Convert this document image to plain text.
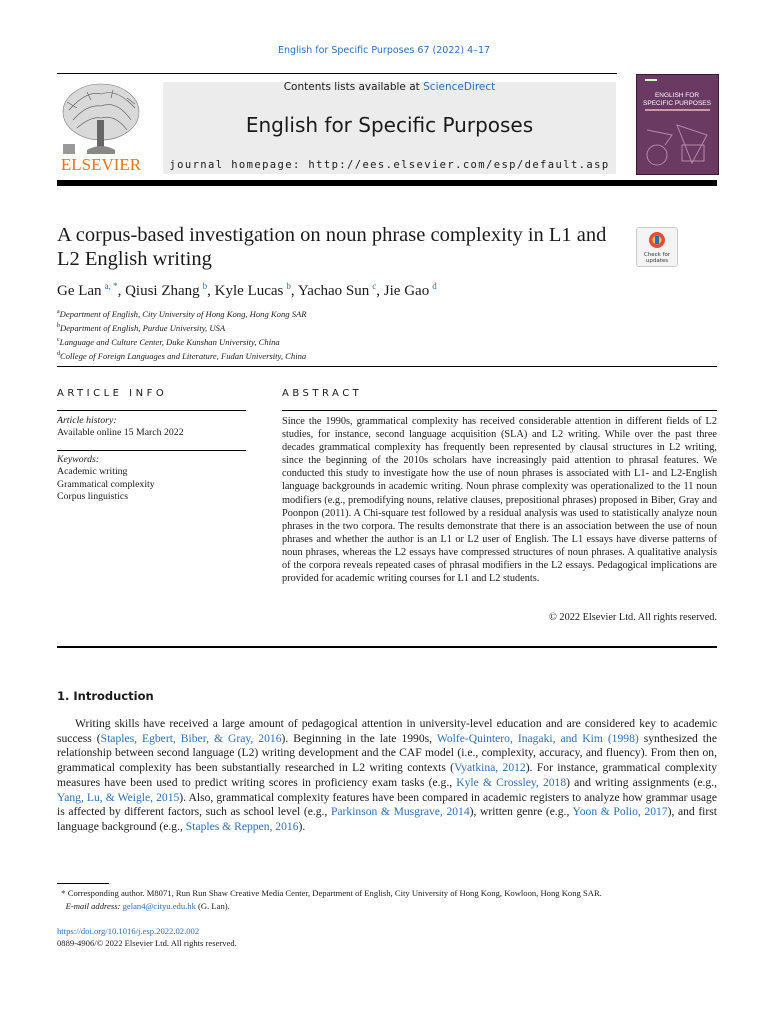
English for Specific Purposes 67 (2022) 4–17
ELSEVIER
Contents lists available at ScienceDirect
English for Specific Purposes
journal homepage: http://ees.elsevier.com/esp/default.asp
ENGLISH FOR
SPECIFIC PURPOSES
A corpus-based investigation on noun phrase complexity in L1 and L2 English writing	Check for
updates
Ge Lan  $^{a, *}$, Qiusi Zhang  $^b$, Kyle Lucas  $^b$, Yachao Sun  $^c$, Jie Gao  $^d$
$^a$Department of English, City University of Hong Kong, Hong Kong SAR
$^b$Department of English, Purdue University, USA
$^c$Language and Culture Center, Duke Kunshan University, China
$^d$College of Foreign Languages and Literature, Fudan University, China
ARTICLE INFO	ABSTRACT
Article history:
Available online 15 March 2022
Keywords:
Academic writing
Grammatical complexity
Corpus linguistics
Since the 1990s, grammatical complexity has received considerable attention in different fields of L2 studies, for instance, second language acquisition (SLA) and L2 writing. While over the past three decades grammatical complexity has frequently been represented by clausal structures in L2 writing, since the beginning of the 2010s scholars have increasingly paid attention to phrasal features. We conducted this study to investigate how the use of noun phrases is associated with L1- and L2-English language backgrounds in academic writing. Noun phrase complexity was operationalized to the 11 noun modifiers (e.g., premodifying nouns, relative clauses, prepositional phrases) proposed in Biber, Gray and Poonpon (2011). A Chi-square test followed by a residual analysis was used to statistically analyze noun phrases in the two corpora. The results demonstrate that there is an association between the use of noun phrases and whether the author is an L1 or L2 user of English. The L1 essays have diverse patterns of noun phrases, whereas the L2 essays have compressed structures of noun phrases. A qualitative analysis of the corpora reveals repeated cases of phrasal modifiers in the L2 essays. Pedagogical implications are provided for academic writing courses for L1 and L2 students.
© 2022 Elsevier Ltd. All rights reserved.
1. Introduction
Writing skills have received a large amount of pedagogical attention in university-level education and are considered key to academic success (Staples, Egbert, Biber, & Gray, 2016). Beginning in the late 1990s, Wolfe-Quintero, Inagaki, and Kim (1998) synthesized the relationship between second language (L2) writing development and the CAF model (i.e., complexity, accuracy, and fluency). From then on, grammatical complexity has been substantially researched in L2 writing contexts (Vyatkina, 2012). For instance, grammatical complexity measures have been used to predict writing scores in proficiency exam tasks (e.g., Kyle & Crossley, 2018) and writing assignments (e.g., Yang, Lu, & Weigle, 2015). Also, grammatical complexity features have been compared in academic registers to analyze how grammar usage is affected by different factors, such as school level (e.g., Parkinson & Musgrave, 2014), written genre (e.g., Yoon & Polio, 2017), and first language background (e.g., Staples & Reppen, 2016).
* Corresponding author. M8071, Run Run Shaw Creative Media Center, Department of English, City University of Hong Kong, Kowloon, Hong Kong SAR.
E-mail address: gelan4@cityu.edu.hk (G. Lan).
https://doi.org/10.1016/j.esp.2022.02.002
0889-4906/© 2022 Elsevier Ltd. All rights reserved.
